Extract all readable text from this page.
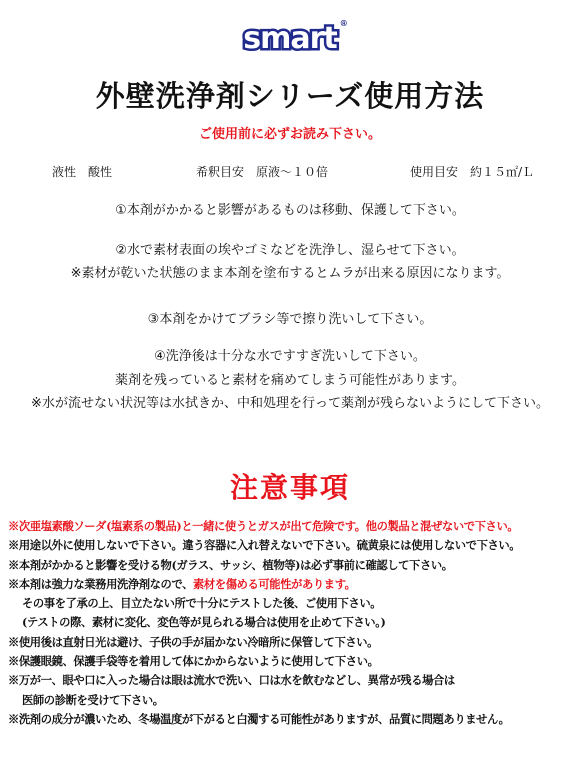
smart ®
外壁洗浄剤シリーズ使用方法
ご使用前に必ずお読み下さい。
液性　酸性	希釈目安　原液～１０倍	使用目安　約１５㎡/Ｌ
①本剤がかかると影響があるものは移動、保護して下さい。
②水で素材表面の埃やゴミなどを洗浄し、湿らせて下さい。
※素材が乾いた状態のまま本剤を塗布するとムラが出来る原因になります。
③本剤をかけてブラシ等で擦り洗いして下さい。
④洗浄後は十分な水ですすぎ洗いして下さい。
薬剤を残っていると素材を痛めてしまう可能性があります。
※水が流せない状況等は水拭きか、中和処理を行って薬剤が残らないようにして下さい。
注意事項
※次亜塩素酸ソーダ(塩素系の製品)と一緒に使うとガスが出て危険です。他の製品と混ぜないで下さい。
※用途以外に使用しないで下さい。違う容器に入れ替えないで下さい。硫黄泉には使用しないで下さい。
※本剤がかかると影響を受ける物(ガラス、サッシ、植物等)は必ず事前に確認して下さい。
※本剤は強力な業務用洗浄剤なので、素材を傷める可能性があります。
その事を了承の上、目立たない所で十分にテストした後、ご使用下さい。
(テストの際、素材に変化、変色等が見られる場合は使用を止めて下さい。)
※使用後は直射日光は避け、子供の手が届かない冷暗所に保管して下さい。
※保護眼鏡、保護手袋等を着用して体にかからないように使用して下さい。
※万が一、眼や口に入った場合は眼は流水で洗い、口は水を飲むなどし、異常が残る場合は
医師の診断を受けて下さい。
※洗剤の成分が濃いため、冬場温度が下がると白濁する可能性がありますが、品質に問題ありません。
